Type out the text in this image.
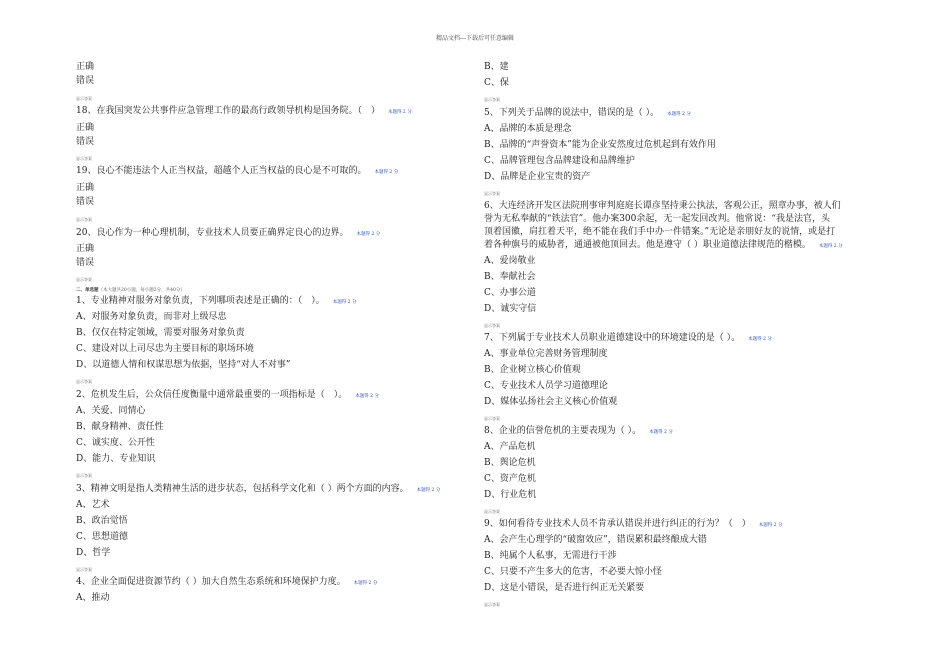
精品文档---下载后可任意编辑
正确
错误
显示答案
18、在我国突发公共事件应急管理工作的最高行政领导机构是国务院。（　） 本题得 2 分
正确
错误
显示答案
19、良心不能违法个人正当权益，超越个人正当权益的良心是不可取的。 本题得 2 分
正确
错误
显示答案
20、良心作为一种心理机制，专业技术人员要正确界定良心的边界。 本题得 2 分
正确
错误
显示答案
二、单选题（本大题共20小题，每小题2分，共40分）
1、专业精神对服务对象负责，下列哪项表述是正确的：（　）。 本题得 2 分
A、对服务对象负责，而非对上级尽忠
B、仅仅在特定领域，需要对服务对象负责
C、建设对以上司尽忠为主要目标的职场环境
D、以道德人情和权谋思想为依据，坚持“对人不对事”
显示答案
2、危机发生后，公众信任度衡量中通常最重要的一项指标是（　）。 本题得 2 分
A、关爱、同情心
B、献身精神、责任性
C、诚实度、公开性
D、能力、专业知识
显示答案
3、精神文明是指人类精神生活的进步状态，包括科学文化和（ ）两个方面的内容。 本题得 2 分
A、艺术
B、政治觉悟
C、思想道德
D、哲学
显示答案
4、企业全面促进资源节约（ ）加大自然生态系统和环境保护力度。 本题得 2 分
A、推动
B、建
C、保
显示答案
5、下列关于品牌的说法中，错误的是（ ）。 本题得 2 分
A、品牌的本质是理念
B、品牌的“声誉资本”能为企业安然度过危机起到有效作用
C、品牌管理包含品牌建设和品牌维护
D、品牌是企业宝贵的资产
显示答案
6、大连经济开发区法院刑事审判庭庭长谭彦坚持秉公执法，客观公正，照章办事，被人们
誉为无私奉献的“铁法官”。他办案300余起，无一起发回改判。他常说：“我是法官，头
顶着国徽，肩扛着天平，绝不能在我们手中办一件错案。”无论是亲朋好友的说情，或是打
着各种旗号的威胁者，通通被他顶回去。他是遵守（ ）职业道德法律规范的楷模。 本题得 2 分
A、爱岗敬业
B、奉献社会
C、办事公道
D、诚实守信
显示答案
7、下列属于专业技术人员职业道德建设中的环境建设的是（ ）。 本题得 2 分
A、事业单位完善财务管理制度
B、企业树立核心价值观
C、专业技术人员学习道德理论
D、媒体弘扬社会主义核心价值观
显示答案
8、企业的信誉危机的主要表现为（ ）。 本题得 2 分
A、产品危机
B、舆论危机
C、资产危机
D、行业危机
显示答案
9、如何看待专业技术人员不肯承认错误并进行纠正的行为？（　） 本题得 2 分
A、会产生心理学的“破窗效应”，错误累积最终酿成大错
B、纯属个人私事，无需进行干涉
C、只要不产生多大的危害，不必要大惊小怪
D、这是小错误，是否进行纠正无关紧要
显示答案
